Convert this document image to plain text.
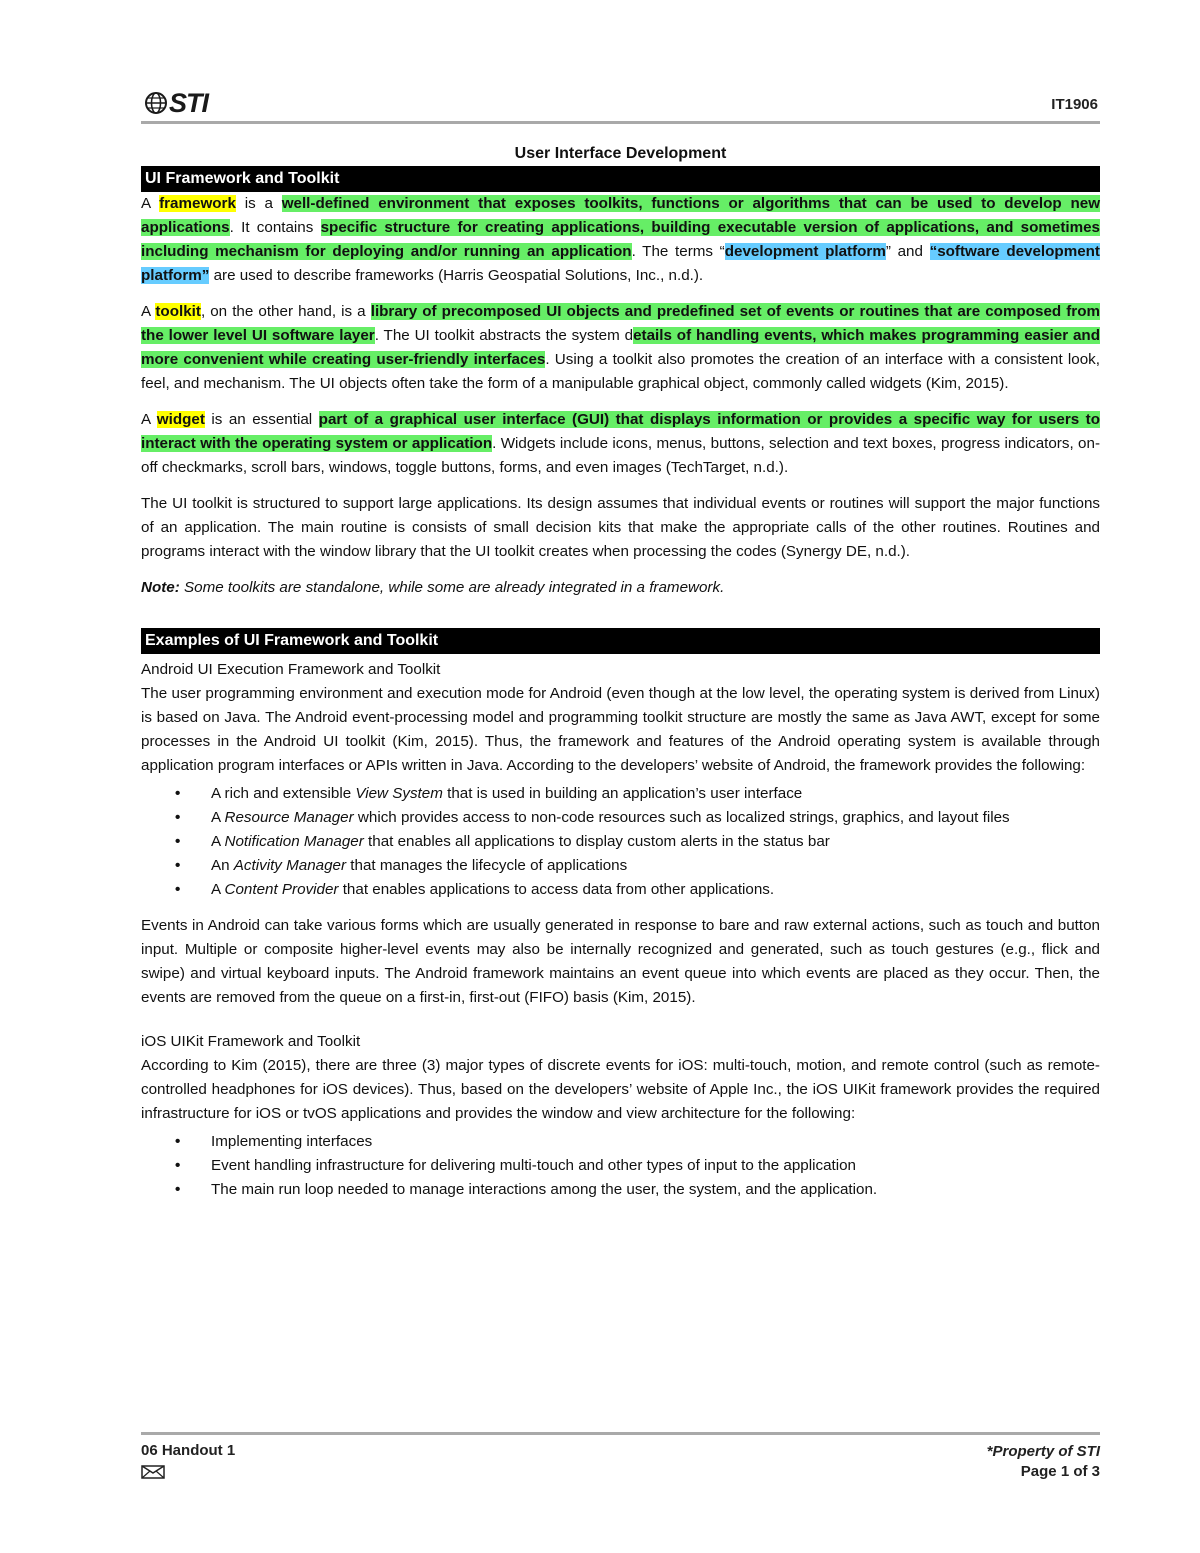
STI	IT1906
User Interface Development
UI Framework and Toolkit

A framework is a well-defined environment that exposes toolkits, functions or algorithms that can be used to develop new applications. It contains specific structure for creating applications, building executable version of applications, and sometimes including mechanism for deploying and/or running an application. The terms “development platform” and “software development platform” are used to describe frameworks (Harris Geospatial Solutions, Inc., n.d.).

A toolkit, on the other hand, is a library of precomposed UI objects and predefined set of events or routines that are composed from the lower level UI software layer. The UI toolkit abstracts the system details of handling events, which makes programming easier and more convenient while creating user-friendly interfaces. Using a toolkit also promotes the creation of an interface with a consistent look, feel, and mechanism. The UI objects often take the form of a manipulable graphical object, commonly called widgets (Kim, 2015).

A widget is an essential part of a graphical user interface (GUI) that displays information or provides a specific way for users to interact with the operating system or application. Widgets include icons, menus, buttons, selection and text boxes, progress indicators, on-off checkmarks, scroll bars, windows, toggle buttons, forms, and even images (TechTarget, n.d.).

The UI toolkit is structured to support large applications. Its design assumes that individual events or routines will support the major functions of an application. The main routine is consists of small decision kits that make the appropriate calls of the other routines. Routines and programs interact with the window library that the UI toolkit creates when processing the codes (Synergy DE, n.d.).

Note: Some toolkits are standalone, while some are already integrated in a framework.

Examples of UI Framework and Toolkit
Android UI Execution Framework and Toolkit

The user programming environment and execution mode for Android (even though at the low level, the operating system is derived from Linux) is based on Java. The Android event-processing model and programming toolkit structure are mostly the same as Java AWT, except for some processes in the Android UI toolkit (Kim, 2015). Thus, the framework and features of the Android operating system is available through application program interfaces or APIs written in Java. According to the developers’ website of Android, the framework provides the following:

• A rich and extensible View System that is used in building an application’s user interface
• A Resource Manager which provides access to non-code resources such as localized strings, graphics, and layout files
• A Notification Manager that enables all applications to display custom alerts in the status bar
• An Activity Manager that manages the lifecycle of applications
• A Content Provider that enables applications to access data from other applications.

Events in Android can take various forms which are usually generated in response to bare and raw external actions, such as touch and button input. Multiple or composite higher-level events may also be internally recognized and generated, such as touch gestures (e.g., flick and swipe) and virtual keyboard inputs. The Android framework maintains an event queue into which events are placed as they occur. Then, the events are removed from the queue on a first-in, first-out (FIFO) basis (Kim, 2015).

iOS UIKit Framework and Toolkit

According to Kim (2015), there are three (3) major types of discrete events for iOS: multi-touch, motion, and remote control (such as remote-controlled headphones for iOS devices). Thus, based on the developers’ website of Apple Inc., the iOS UIKit framework provides the required infrastructure for iOS or tvOS applications and provides the window and view architecture for the following:

• Implementing interfaces
• Event handling infrastructure for delivering multi-touch and other types of input to the application
• The main run loop needed to manage interactions among the user, the system, and the application.
06 Handout 1	*Property of STI
Page 1 of 3
